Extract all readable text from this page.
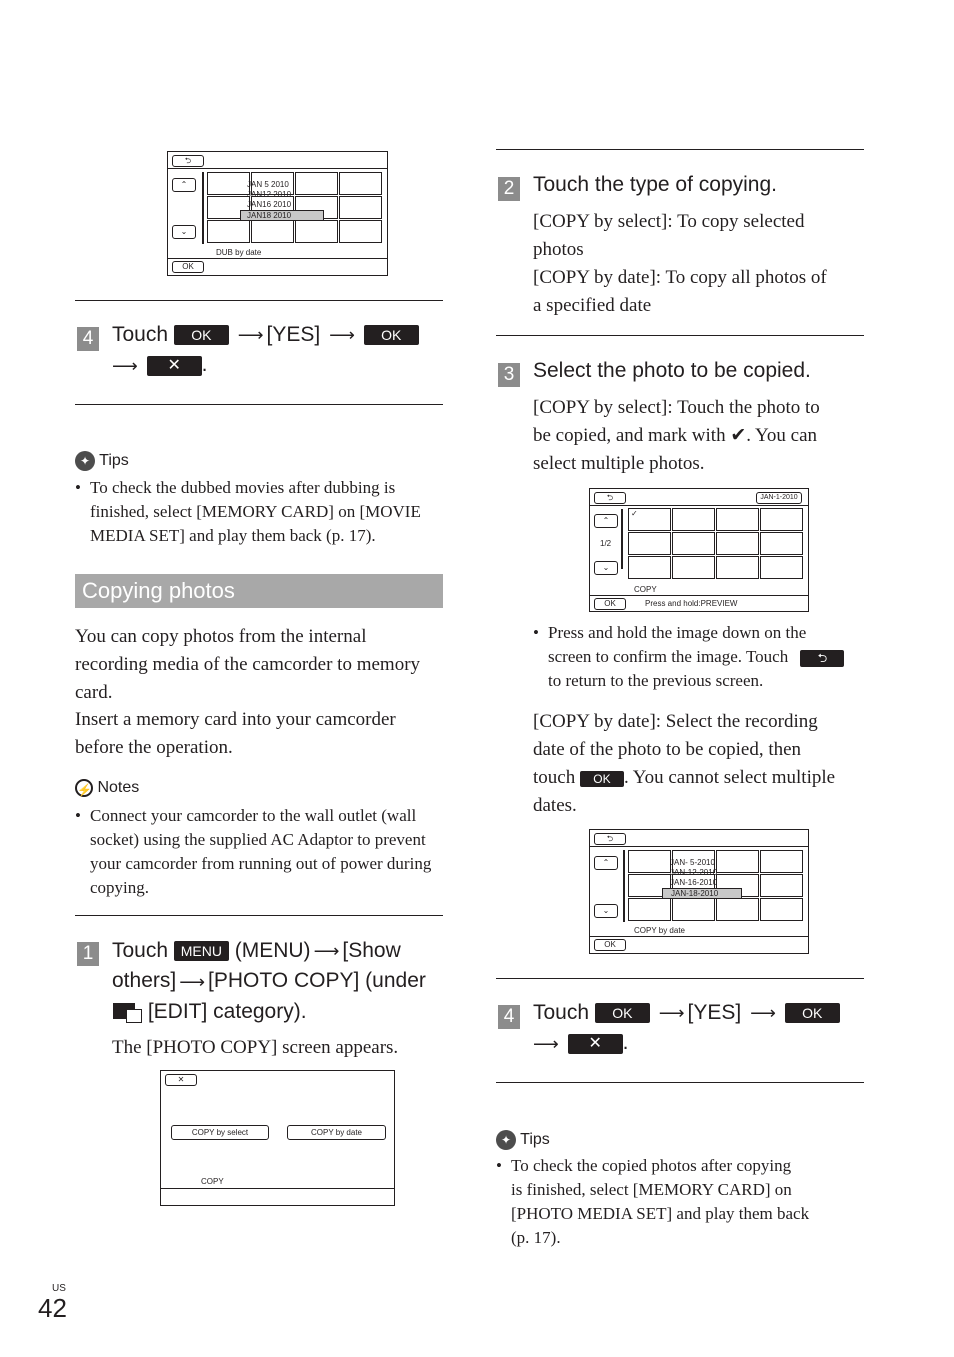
⮌
⌃
⌄
JAN 5 2010
JAN12 2010
JAN16 2010
JAN18 2010
DUB by date
OK
4 Touch OK ⟶ [YES] ⟶ OK
⟶ ✕ .
✦ Tips
• To check the dubbed movies after dubbing is finished, select [MEMORY CARD] on [MOVIE MEDIA SET] and play them back (p. 17).
Copying photos
You can copy photos from the internal recording media of the camcorder to memory card.
Insert a memory card into your camcorder before the operation.
⚡ Notes
• Connect your camcorder to the wall outlet (wall socket) using the supplied AC Adaptor to prevent your camcorder from running out of power during copying.
1 Touch MENU (MENU) ⟶ [Show
others] ⟶ [PHOTO COPY] (under

[EDIT] category).
The [PHOTO COPY] screen appears.
✕
COPY by select	COPY by date
COPY
US
42
2 Touch the type of copying.
[COPY by select]: To copy selected
photos
[COPY by date]: To copy all photos of
a specified date
3 Select the photo to be copied.
[COPY by select]: Touch the photo to
be copied, and mark with ✔. You can
select multiple photos.
⮌	JAN-1-2010
⌃
1/2
⌄
✓
COPY
OK	Press and hold:PREVIEW
• Press and hold the image down on the
screen to confirm the image. Touch ⮌
to return to the previous screen.
[COPY by date]: Select the recording
date of the photo to be copied, then
touch OK . You cannot select multiple
dates.
⮌
⌃
⌄
JAN- 5-2010
JAN-12-2010
JAN-16-2010
JAN-18-2010
COPY by date
OK
4 Touch OK ⟶ [YES] ⟶ OK
⟶ ✕ .
✦ Tips
• To check the copied photos after copying
is finished, select [MEMORY CARD] on
[PHOTO MEDIA SET] and play them back
(p. 17).
